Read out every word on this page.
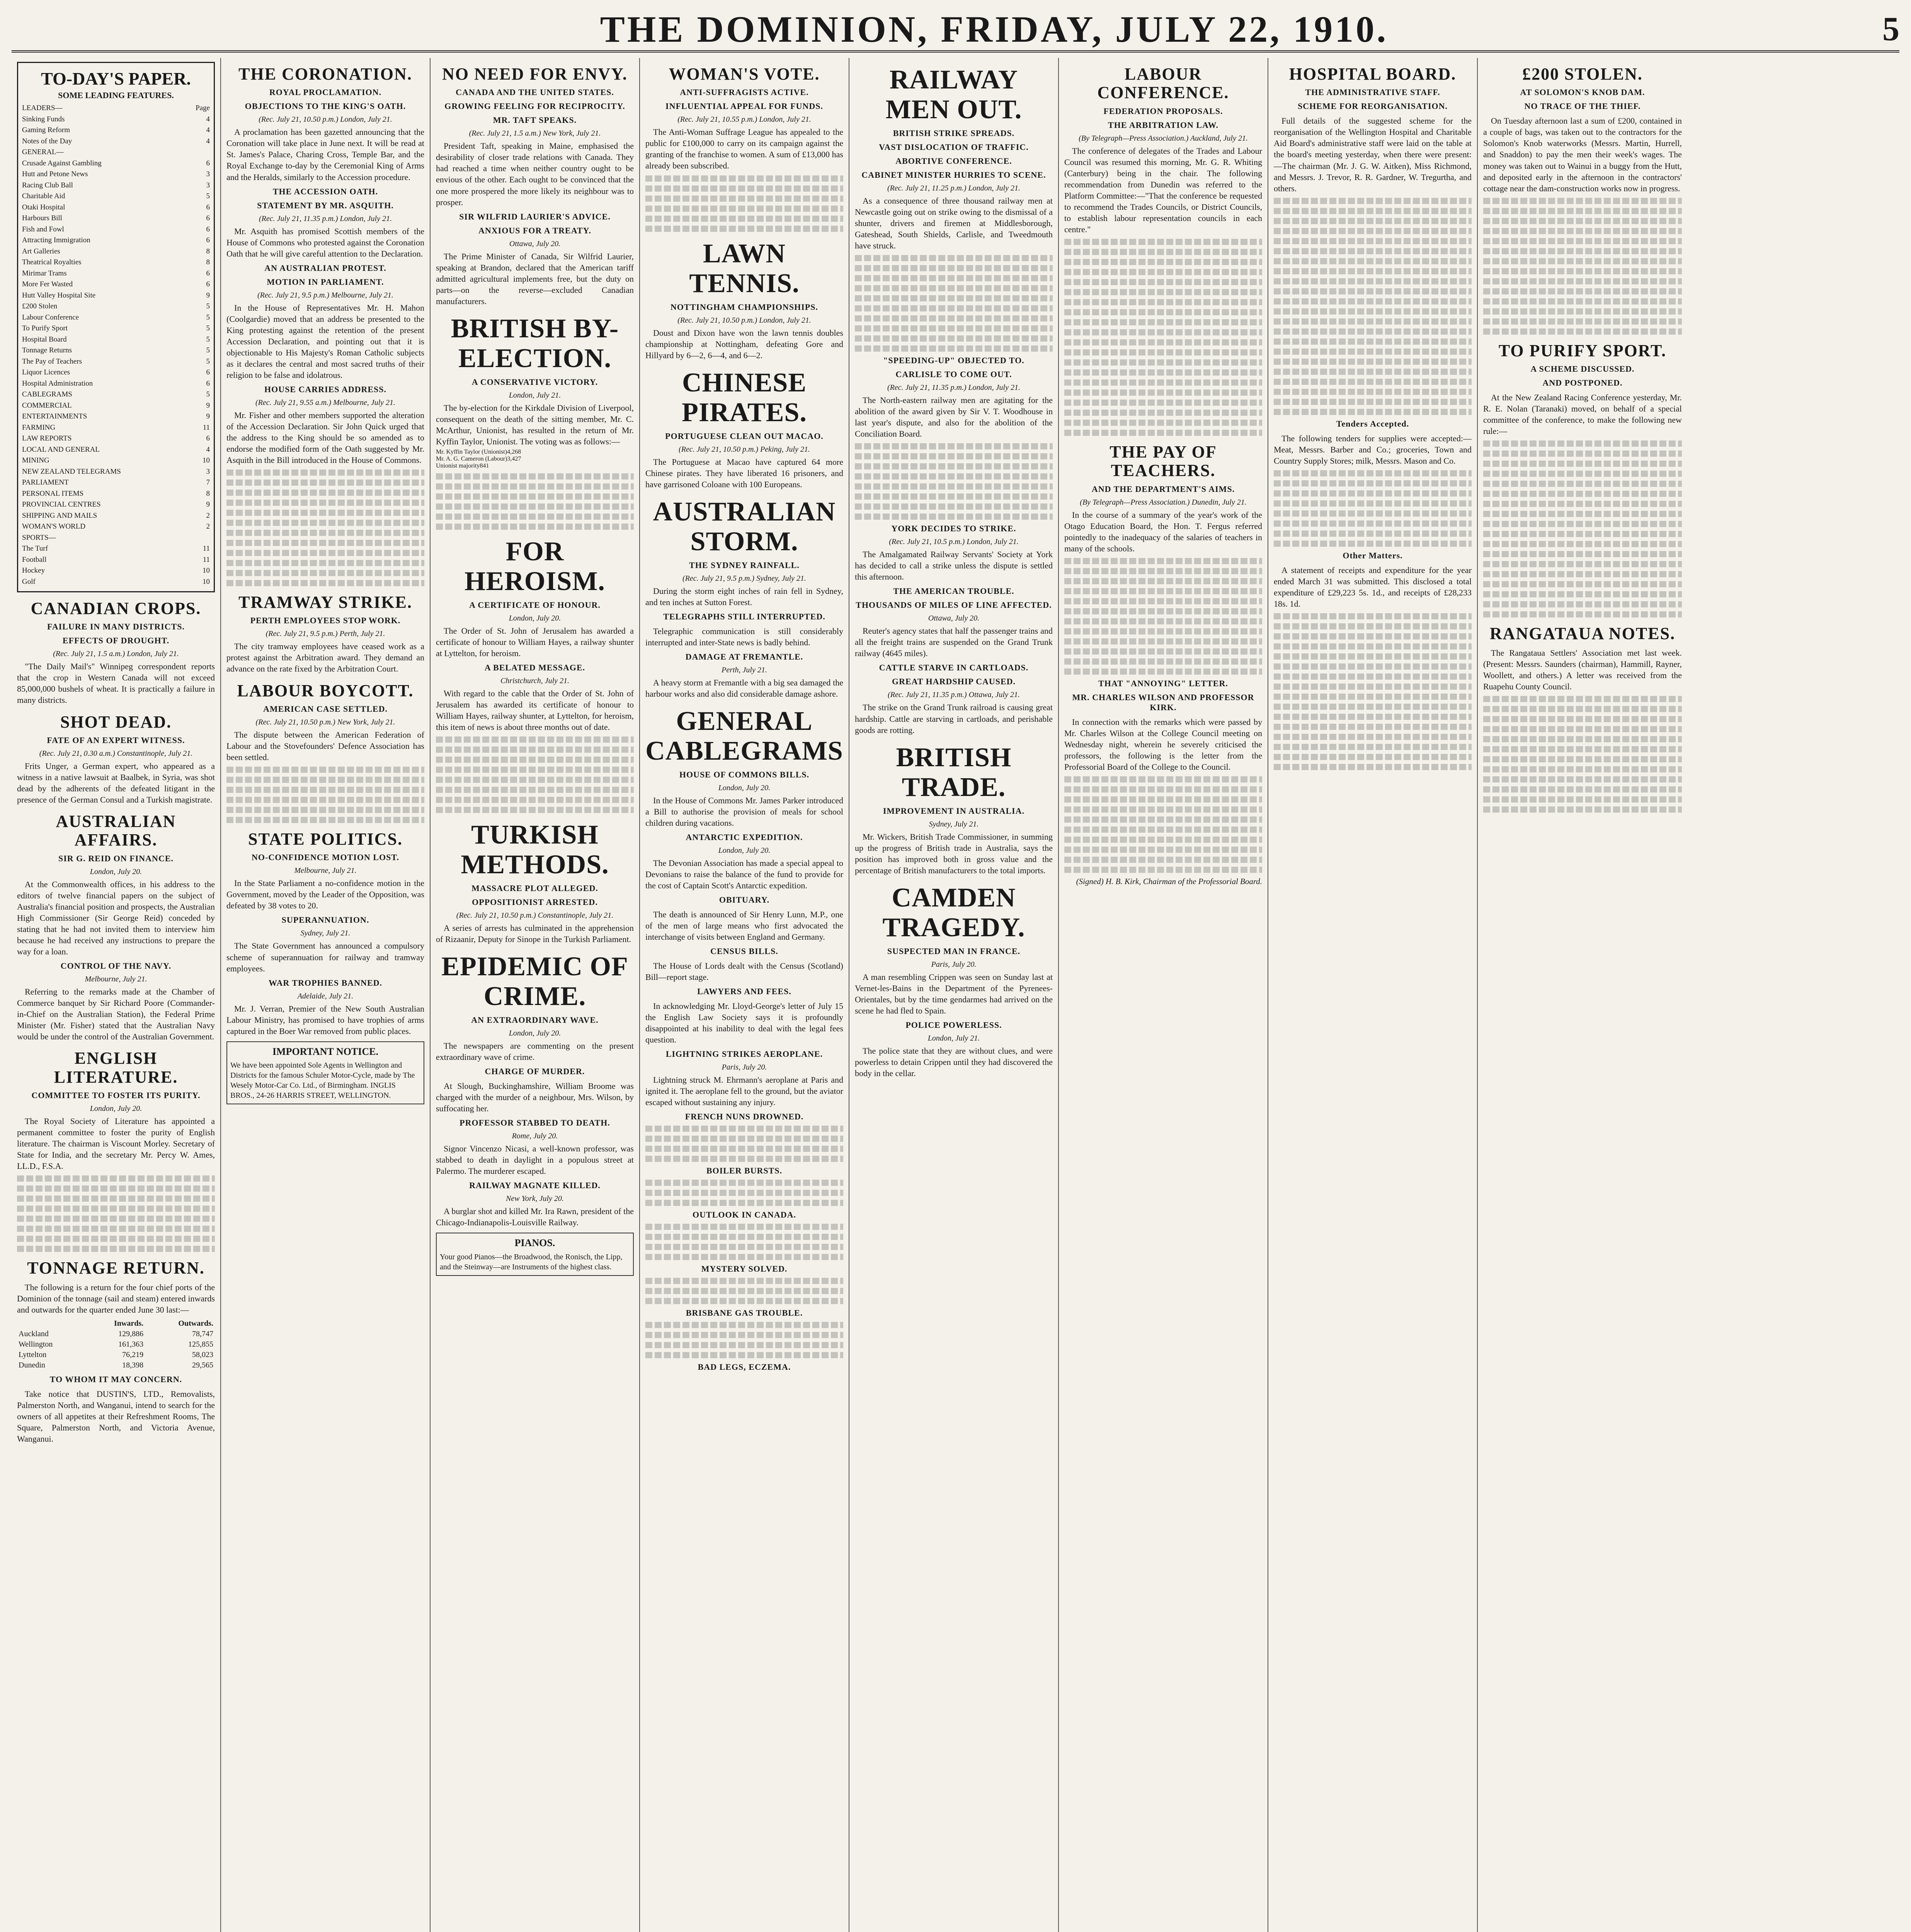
THE DOMINION, FRIDAY, JULY 22, 1910.	5
TO-DAY'S PAPER.
SOME LEADING FEATURES.
LEADERS—	Page
Sinking Funds	4
Gaming Reform	4
Notes of the Day	4
GENERAL—
Crusade Against Gambling	6
Hutt and Petone News	3
Racing Club Ball	3
Charitable Aid	5
Otaki Hospital	6
Harbours Bill	6
Fish and Fowl	6
Attracting Immigration	6
Art Galleries	8
Theatrical Royalties	8
Mirimar Trams	6
More Fer Wasted	6
Hutt Valley Hospital Site	9
£200 Stolen	5
Labour Conference	5
To Purify Sport	5
Hospital Board	5
Tonnage Returns	5
The Pay of Teachers	5
Liquor Licences	6
Hospital Administration	6
CABLEGRAMS	5
COMMERCIAL	9
ENTERTAINMENTS	9
FARMING	11
LAW REPORTS	6
LOCAL AND GENERAL	4
MINING	10
NEW ZEALAND TELEGRAMS	3
PARLIAMENT	7
PERSONAL ITEMS	8
PROVINCIAL CENTRES	9
SHIPPING AND MAILS	2
WOMAN'S WORLD	2
SPORTS—
The Turf	11
Football	11
Hockey	10
Golf	10
CANADIAN CROPS.
FAILURE IN MANY DISTRICTS.
EFFECTS OF DROUGHT.
(Rec. July 21, 1.5 a.m.) London, July 21.
"The Daily Mail's" Winnipeg correspondent reports that the crop in Western Canada will not exceed 85,000,000 bushels of wheat. It is practically a failure in many districts.
SHOT DEAD.
FATE OF AN EXPERT WITNESS.
(Rec. July 21, 0.30 a.m.) Constantinople, July 21.
Frits Unger, a German expert, who appeared as a witness in a native lawsuit at Baalbek, in Syria, was shot dead by the adherents of the defeated litigant in the presence of the German Consul and a Turkish magistrate.
AUSTRALIAN AFFAIRS.
SIR G. REID ON FINANCE.
London, July 20.
At the Commonwealth offices, in his address to the editors of twelve financial papers on the subject of Australia's financial position and prospects, the Australian High Commissioner (Sir George Reid) conceded by stating that he had not invited them to interview him because he had received any instructions to prepare the way for a loan.
CONTROL OF THE NAVY.
Melbourne, July 21.
Referring to the remarks made at the Chamber of Commerce banquet by Sir Richard Poore (Commander-in-Chief on the Australian Station), the Federal Prime Minister (Mr. Fisher) stated that the Australian Navy would be under the control of the Australian Government.
ENGLISH LITERATURE.
COMMITTEE TO FOSTER ITS PURITY.
London, July 20.
The Royal Society of Literature has appointed a permanent committee to foster the purity of English literature. The chairman is Viscount Morley. Secretary of State for India, and the secretary Mr. Percy W. Ames, LL.D., F.S.A.
TONNAGE RETURN.
The following is a return for the four chief ports of the Dominion of the tonnage (sail and steam) entered inwards and outwards for the quarter ended June 30 last:—
	Inwards.	Outwards.
Auckland	129,886	78,747
Wellington	161,363	125,855
Lyttelton	76,219	58,023
Dunedin	18,398	29,565
TO WHOM IT MAY CONCERN.
Take notice that DUSTIN'S, LTD., Removalists, Palmerston North, and Wanganui, intend to search for the owners of all appetites at their Refreshment Rooms, The Square, Palmerston North, and Victoria Avenue, Wanganui.
THE CORONATION.
ROYAL PROCLAMATION.
OBJECTIONS TO THE KING'S OATH.
(Rec. July 21, 10.50 p.m.) London, July 21.
A proclamation has been gazetted announcing that the Coronation will take place in June next. It will be read at St. James's Palace, Charing Cross, Temple Bar, and the Royal Exchange to-day by the Ceremonial King of Arms and the Heralds, similarly to the Accession procedure.
THE ACCESSION OATH.
STATEMENT BY MR. ASQUITH.
(Rec. July 21, 11.35 p.m.) London, July 21.
Mr. Asquith has promised Scottish members of the House of Commons who protested against the Coronation Oath that he will give careful attention to the Declaration.
AN AUSTRALIAN PROTEST.
MOTION IN PARLIAMENT.
(Rec. July 21, 9.5 p.m.) Melbourne, July 21.
In the House of Representatives Mr. H. Mahon (Coolgardie) moved that an address be presented to the King protesting against the retention of the present Accession Declaration, and pointing out that it is objectionable to His Majesty's Roman Catholic subjects as it declares the central and most sacred truths of their religion to be false and idolatrous.
HOUSE CARRIES ADDRESS.
(Rec. July 21, 9.55 a.m.) Melbourne, July 21.
Mr. Fisher and other members supported the alteration of the Accession Declaration. Sir John Quick urged that the address to the King should be so amended as to endorse the modified form of the Oath suggested by Mr. Asquith in the Bill introduced in the House of Commons.
TRAMWAY STRIKE.
PERTH EMPLOYEES STOP WORK.
(Rec. July 21, 9.5 p.m.) Perth, July 21.
The city tramway employees have ceased work as a protest against the Arbitration award. They demand an advance on the rate fixed by the Arbitration Court.
LABOUR BOYCOTT.
AMERICAN CASE SETTLED.
(Rec. July 21, 10.50 p.m.) New York, July 21.
The dispute between the American Federation of Labour and the Stovefounders' Defence Association has been settled.
STATE POLITICS.
NO-CONFIDENCE MOTION LOST.
Melbourne, July 21.
In the State Parliament a no-confidence motion in the Government, moved by the Leader of the Opposition, was defeated by 38 votes to 20.
SUPERANNUATION.
Sydney, July 21.
The State Government has announced a compulsory scheme of superannuation for railway and tramway employees.
WAR TROPHIES BANNED.
Adelaide, July 21.
Mr. J. Verran, Premier of the New South Australian Labour Ministry, has promised to have trophies of arms captured in the Boer War removed from public places.
IMPORTANT NOTICE.
We have been appointed Sole Agents in Wellington and Districts for the famous Schuler Motor-Cycle, made by The Wesely Motor-Car Co. Ltd., of Birmingham. INGLIS BROS., 24-26 HARRIS STREET, WELLINGTON.
NO NEED FOR ENVY.
CANADA AND THE UNITED STATES.
GROWING FEELING FOR RECIPROCITY.
MR. TAFT SPEAKS.
(Rec. July 21, 1.5 a.m.) New York, July 21.
President Taft, speaking in Maine, emphasised the desirability of closer trade relations with Canada. They had reached a time when neither country ought to be envious of the other. Each ought to be convinced that the one more prospered the more likely its neighbour was to prosper.
SIR WILFRID LAURIER'S ADVICE.
ANXIOUS FOR A TREATY.
Ottawa, July 20.
The Prime Minister of Canada, Sir Wilfrid Laurier, speaking at Brandon, declared that the American tariff admitted agricultural implements free, but the duty on parts—on the reverse—excluded Canadian manufacturers.
BRITISH BY-ELECTION.
A CONSERVATIVE VICTORY.
London, July 21.
The by-election for the Kirkdale Division of Liverpool, consequent on the death of the sitting member, Mr. C. McArthur, Unionist, has resulted in the return of Mr. Kyffin Taylor, Unionist. The voting was as follows:—
Mr. Kyffin Taylor (Unionist)4,268
Mr. A. G. Cameron (Labour)3,427
Unionist majority841
FOR HEROISM.
A CERTIFICATE OF HONOUR.
London, July 20.
The Order of St. John of Jerusalem has awarded a certificate of honour to William Hayes, a railway shunter at Lyttelton, for heroism.
A BELATED MESSAGE.
Christchurch, July 21.
With regard to the cable that the Order of St. John of Jerusalem has awarded its certificate of honour to William Hayes, railway shunter, at Lyttelton, for heroism, this item of news is about three months out of date.
TURKISH METHODS.
MASSACRE PLOT ALLEGED.
OPPOSITIONIST ARRESTED.
(Rec. July 21, 10.50 p.m.) Constantinople, July 21.
A series of arrests has culminated in the apprehension of Rizaanir, Deputy for Sinope in the Turkish Parliament.
EPIDEMIC OF CRIME.
AN EXTRAORDINARY WAVE.
London, July 20.
The newspapers are commenting on the present extraordinary wave of crime.
CHARGE OF MURDER.
At Slough, Buckinghamshire, William Broome was charged with the murder of a neighbour, Mrs. Wilson, by suffocating her.
PROFESSOR STABBED TO DEATH.
Rome, July 20.
Signor Vincenzo Nicasi, a well-known professor, was stabbed to death in daylight in a populous street at Palermo. The murderer escaped.
RAILWAY MAGNATE KILLED.
New York, July 20.
A burglar shot and killed Mr. Ira Rawn, president of the Chicago-Indianapolis-Louisville Railway.
PIANOS.
Your good Pianos—the Broadwood, the Ronisch, the Lipp, and the Steinway—are Instruments of the highest class.
WOMAN'S VOTE.
ANTI-SUFFRAGISTS ACTIVE.
INFLUENTIAL APPEAL FOR FUNDS.
(Rec. July 21, 10.55 p.m.) London, July 21.
The Anti-Woman Suffrage League has appealed to the public for £100,000 to carry on its campaign against the granting of the franchise to women. A sum of £13,000 has already been subscribed.
LAWN TENNIS.
NOTTINGHAM CHAMPIONSHIPS.
(Rec. July 21, 10.50 p.m.) London, July 21.
Doust and Dixon have won the lawn tennis doubles championship at Nottingham, defeating Gore and Hillyard by 6—2, 6—4, and 6—2.
CHINESE PIRATES.
PORTUGUESE CLEAN OUT MACAO.
(Rec. July 21, 10.50 p.m.) Peking, July 21.
The Portuguese at Macao have captured 64 more Chinese pirates. They have liberated 16 prisoners, and have garrisoned Coloane with 100 Europeans.
AUSTRALIAN STORM.
THE SYDNEY RAINFALL.
(Rec. July 21, 9.5 p.m.) Sydney, July 21.
During the storm eight inches of rain fell in Sydney, and ten inches at Sutton Forest.
TELEGRAPHS STILL INTERRUPTED.
Telegraphic communication is still considerably interrupted and inter-State news is badly behind.
DAMAGE AT FREMANTLE.
Perth, July 21.
A heavy storm at Fremantle with a big sea damaged the harbour works and also did considerable damage ashore.
GENERAL CABLEGRAMS
HOUSE OF COMMONS BILLS.
London, July 20.
In the House of Commons Mr. James Parker introduced a Bill to authorise the provision of meals for school children during vacations.
ANTARCTIC EXPEDITION.
London, July 20.
The Devonian Association has made a special appeal to Devonians to raise the balance of the fund to provide for the cost of Captain Scott's Antarctic expedition.
OBITUARY.
The death is announced of Sir Henry Lunn, M.P., one of the men of large means who first advocated the interchange of visits between England and Germany.
CENSUS BILLS.
The House of Lords dealt with the Census (Scotland) Bill—report stage.
LAWYERS AND FEES.
In acknowledging Mr. Lloyd-George's letter of July 15 the English Law Society says it is profoundly disappointed at his inability to deal with the legal fees question.
LIGHTNING STRIKES AEROPLANE.
Paris, July 20.
Lightning struck M. Ehrmann's aeroplane at Paris and ignited it. The aeroplane fell to the ground, but the aviator escaped without sustaining any injury.
FRENCH NUNS DROWNED.
BOILER BURSTS.
OUTLOOK IN CANADA.
MYSTERY SOLVED.
BRISBANE GAS TROUBLE.
BAD LEGS, ECZEMA.
RAILWAY MEN OUT.
BRITISH STRIKE SPREADS.
VAST DISLOCATION OF TRAFFIC.
ABORTIVE CONFERENCE.
CABINET MINISTER HURRIES TO SCENE.
(Rec. July 21, 11.25 p.m.) London, July 21.
As a consequence of three thousand railway men at Newcastle going out on strike owing to the dismissal of a shunter, drivers and firemen at Middlesborough, Gateshead, South Shields, Carlisle, and Tweedmouth have struck.
"SPEEDING-UP" OBJECTED TO.
CARLISLE TO COME OUT.
(Rec. July 21, 11.35 p.m.) London, July 21.
The North-eastern railway men are agitating for the abolition of the award given by Sir V. T. Woodhouse in last year's dispute, and also for the abolition of the Conciliation Board.
YORK DECIDES TO STRIKE.
(Rec. July 21, 10.5 p.m.) London, July 21.
The Amalgamated Railway Servants' Society at York has decided to call a strike unless the dispute is settled this afternoon.
THE AMERICAN TROUBLE.
THOUSANDS OF MILES OF LINE AFFECTED.
Ottawa, July 20.
Reuter's agency states that half the passenger trains and all the freight trains are suspended on the Grand Trunk railway (4645 miles).
CATTLE STARVE IN CARTLOADS.
GREAT HARDSHIP CAUSED.
(Rec. July 21, 11.35 p.m.) Ottawa, July 21.
The strike on the Grand Trunk railroad is causing great hardship. Cattle are starving in cartloads, and perishable goods are rotting.
BRITISH TRADE.
IMPROVEMENT IN AUSTRALIA.
Sydney, July 21.
Mr. Wickers, British Trade Commissioner, in summing up the progress of British trade in Australia, says the position has improved both in gross value and the percentage of British manufacturers to the total imports.
CAMDEN TRAGEDY.
SUSPECTED MAN IN FRANCE.
Paris, July 20.
A man resembling Crippen was seen on Sunday last at Vernet-les-Bains in the Department of the Pyrenees-Orientales, but by the time gendarmes had arrived on the scene he had fled to Spain.
POLICE POWERLESS.
London, July 21.
The police state that they are without clues, and were powerless to detain Crippen until they had discovered the body in the cellar.
LABOUR CONFERENCE.
FEDERATION PROPOSALS.
THE ARBITRATION LAW.
(By Telegraph—Press Association.) Auckland, July 21.
The conference of delegates of the Trades and Labour Council was resumed this morning, Mr. G. R. Whiting (Canterbury) being in the chair. The following recommendation from Dunedin was referred to the Platform Committee:—"That the conference be requested to recommend the Trades Councils, or District Councils, to establish labour representation councils in each centre."
THE PAY OF TEACHERS.
AND THE DEPARTMENT'S AIMS.
(By Telegraph—Press Association.) Dunedin, July 21.
In the course of a summary of the year's work of the Otago Education Board, the Hon. T. Fergus referred pointedly to the inadequacy of the salaries of teachers in many of the schools.
THAT "ANNOYING" LETTER.
MR. CHARLES WILSON AND PROFESSOR KIRK.
In connection with the remarks which were passed by Mr. Charles Wilson at the College Council meeting on Wednesday night, wherein he severely criticised the professors, the following is the letter from the Professorial Board of the College to the Council.
(Signed) H. B. Kirk, Chairman of the Professorial Board.
HOSPITAL BOARD.
THE ADMINISTRATIVE STAFF.
SCHEME FOR REORGANISATION.
Full details of the suggested scheme for the reorganisation of the Wellington Hospital and Charitable Aid Board's administrative staff were laid on the table at the board's meeting yesterday, when there were present:—The chairman (Mr. J. G. W. Aitken), Miss Richmond, and Messrs. J. Trevor, R. R. Gardner, W. Tregurtha, and others.
Tenders Accepted.
The following tenders for supplies were accepted:—Meat, Messrs. Barber and Co.; groceries, Town and Country Supply Stores; milk, Messrs. Mason and Co.
Other Matters.
A statement of receipts and expenditure for the year ended March 31 was submitted. This disclosed a total expenditure of £29,223 5s. 1d., and receipts of £28,233 18s. 1d.
£200 STOLEN.
AT SOLOMON'S KNOB DAM.
NO TRACE OF THE THIEF.
On Tuesday afternoon last a sum of £200, contained in a couple of bags, was taken out to the contractors for the Solomon's Knob waterworks (Messrs. Martin, Hurrell, and Snaddon) to pay the men their week's wages. The money was taken out to Wainui in a buggy from the Hutt, and deposited early in the afternoon in the contractors' cottage near the dam-construction works now in progress.
TO PURIFY SPORT.
A SCHEME DISCUSSED.
AND POSTPONED.
At the New Zealand Racing Conference yesterday, Mr. R. E. Nolan (Taranaki) moved, on behalf of a special committee of the conference, to make the following new rule:—
RANGATAUA NOTES.
The Rangataua Settlers' Association met last week. (Present: Messrs. Saunders (chairman), Hammill, Rayner, Woollett, and others.) A letter was received from the Ruapehu County Council.
